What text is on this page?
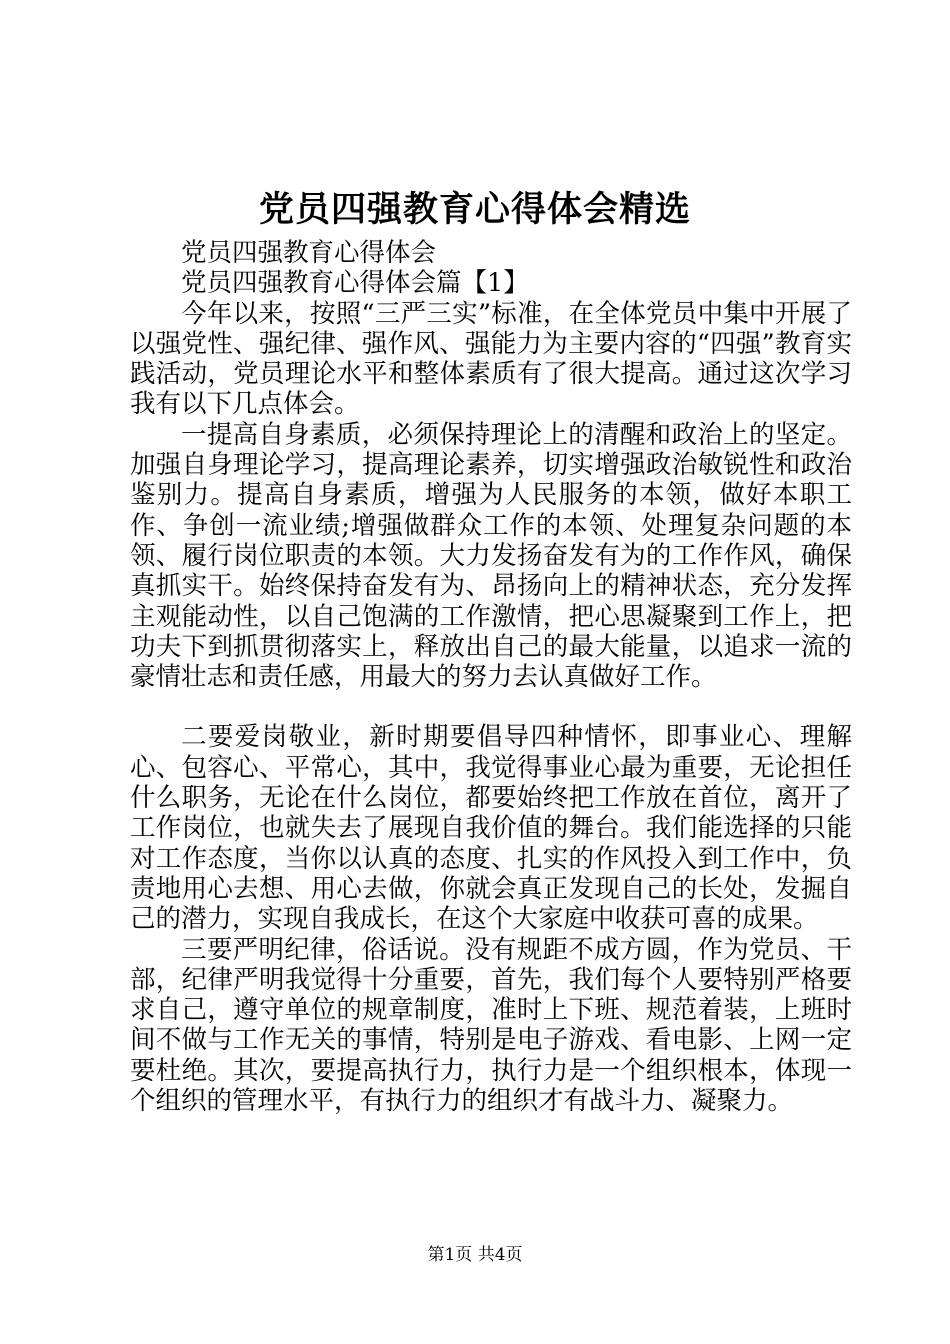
党员四强教育心得体会精选

党员四强教育心得体会

党员四强教育心得体会篇【1】

今年以来，按照“三严三实”标准，在全体党员中集中开展了以强党性、强纪律、强作风、强能力为主要内容的“四强”教育实践活动，党员理论水平和整体素质有了很大提高。通过这次学习我有以下几点体会。

一提高自身素质，必须保持理论上的清醒和政治上的坚定。加强自身理论学习，提高理论素养，切实增强政治敏锐性和政治鉴别力。提高自身素质，增强为人民服务的本领，做好本职工作、争创一流业绩;增强做群众工作的本领、处理复杂问题的本领、履行岗位职责的本领。大力发扬奋发有为的工作作风，确保真抓实干。始终保持奋发有为、昂扬向上的精神状态，充分发挥主观能动性，以自己饱满的工作激情，把心思凝聚到工作上，把功夫下到抓贯彻落实上，释放出自己的最大能量，以追求一流的豪情壮志和责任感，用最大的努力去认真做好工作。

二要爱岗敬业，新时期要倡导四种情怀，即事业心、理解心、包容心、平常心，其中，我觉得事业心最为重要，无论担任什么职务，无论在什么岗位，都要始终把工作放在首位，离开了工作岗位，也就失去了展现自我价值的舞台。我们能选择的只能对工作态度，当你以认真的态度、扎实的作风投入到工作中，负责地用心去想、用心去做，你就会真正发现自己的长处，发掘自己的潜力，实现自我成长，在这个大家庭中收获可喜的成果。

三要严明纪律，俗话说。没有规距不成方圆，作为党员、干部，纪律严明我觉得十分重要，首先，我们每个人要特别严格要求自己，遵守单位的规章制度，准时上下班、规范着装，上班时间不做与工作无关的事情，特别是电子游戏、看电影、上网一定要杜绝。其次，要提高执行力，执行力是一个组织根本，体现一个组织的管理水平，有执行力的组织才有战斗力、凝聚力。

第1页 共4页
